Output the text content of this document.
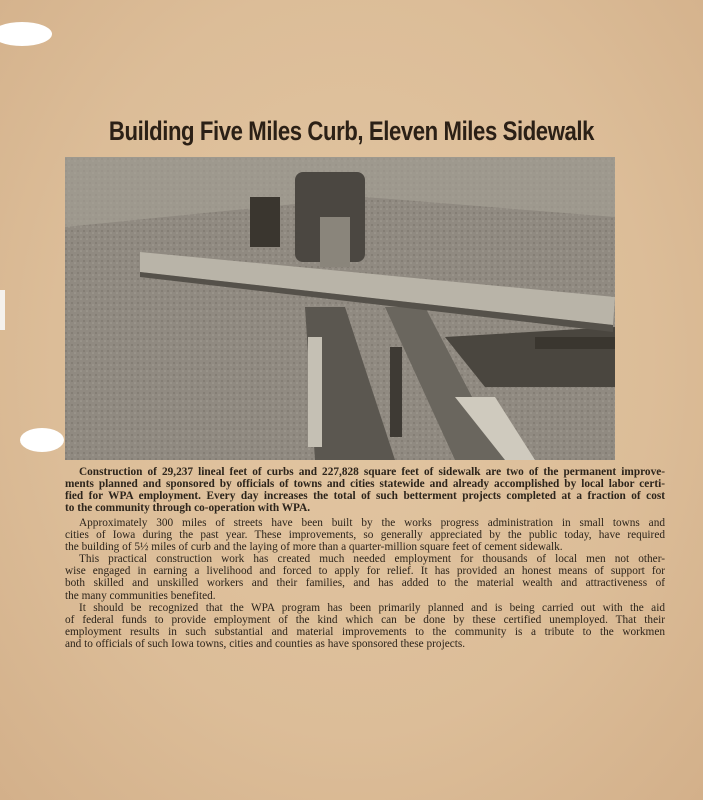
Building Five Miles Curb, Eleven Miles Sidewalk
Construction of 29,237 lineal feet of curbs and 227,828 square feet of sidewalk are two of the permanent improve-
ments planned and sponsored by officials of towns and cities statewide and already accomplished by local labor certi-
fied for WPA employment. Every day increases the total of such betterment projects completed at a fraction of cost
to the community through co-operation with WPA.
Approximately 300 miles of streets have been built by the works progress administration in small towns and
cities of Iowa during the past year. These improvements, so generally appreciated by the public today, have required
the building of 5½ miles of curb and the laying of more than a quarter-million square feet of cement sidewalk.
This practical construction work has created much needed employment for thousands of local men not other-
wise engaged in earning a livelihood and forced to apply for relief. It has provided an honest means of support for
both skilled and unskilled workers and their families, and has added to the material wealth and attractiveness of
the many communities benefited.
It should be recognized that the WPA program has been primarily planned and is being carried out with the aid
of federal funds to provide employment of the kind which can be done by these certified unemployed. That their
employment results in such substantial and material improvements to the community is a tribute to the workmen
and to officials of such Iowa towns, cities and counties as have sponsored these projects.
